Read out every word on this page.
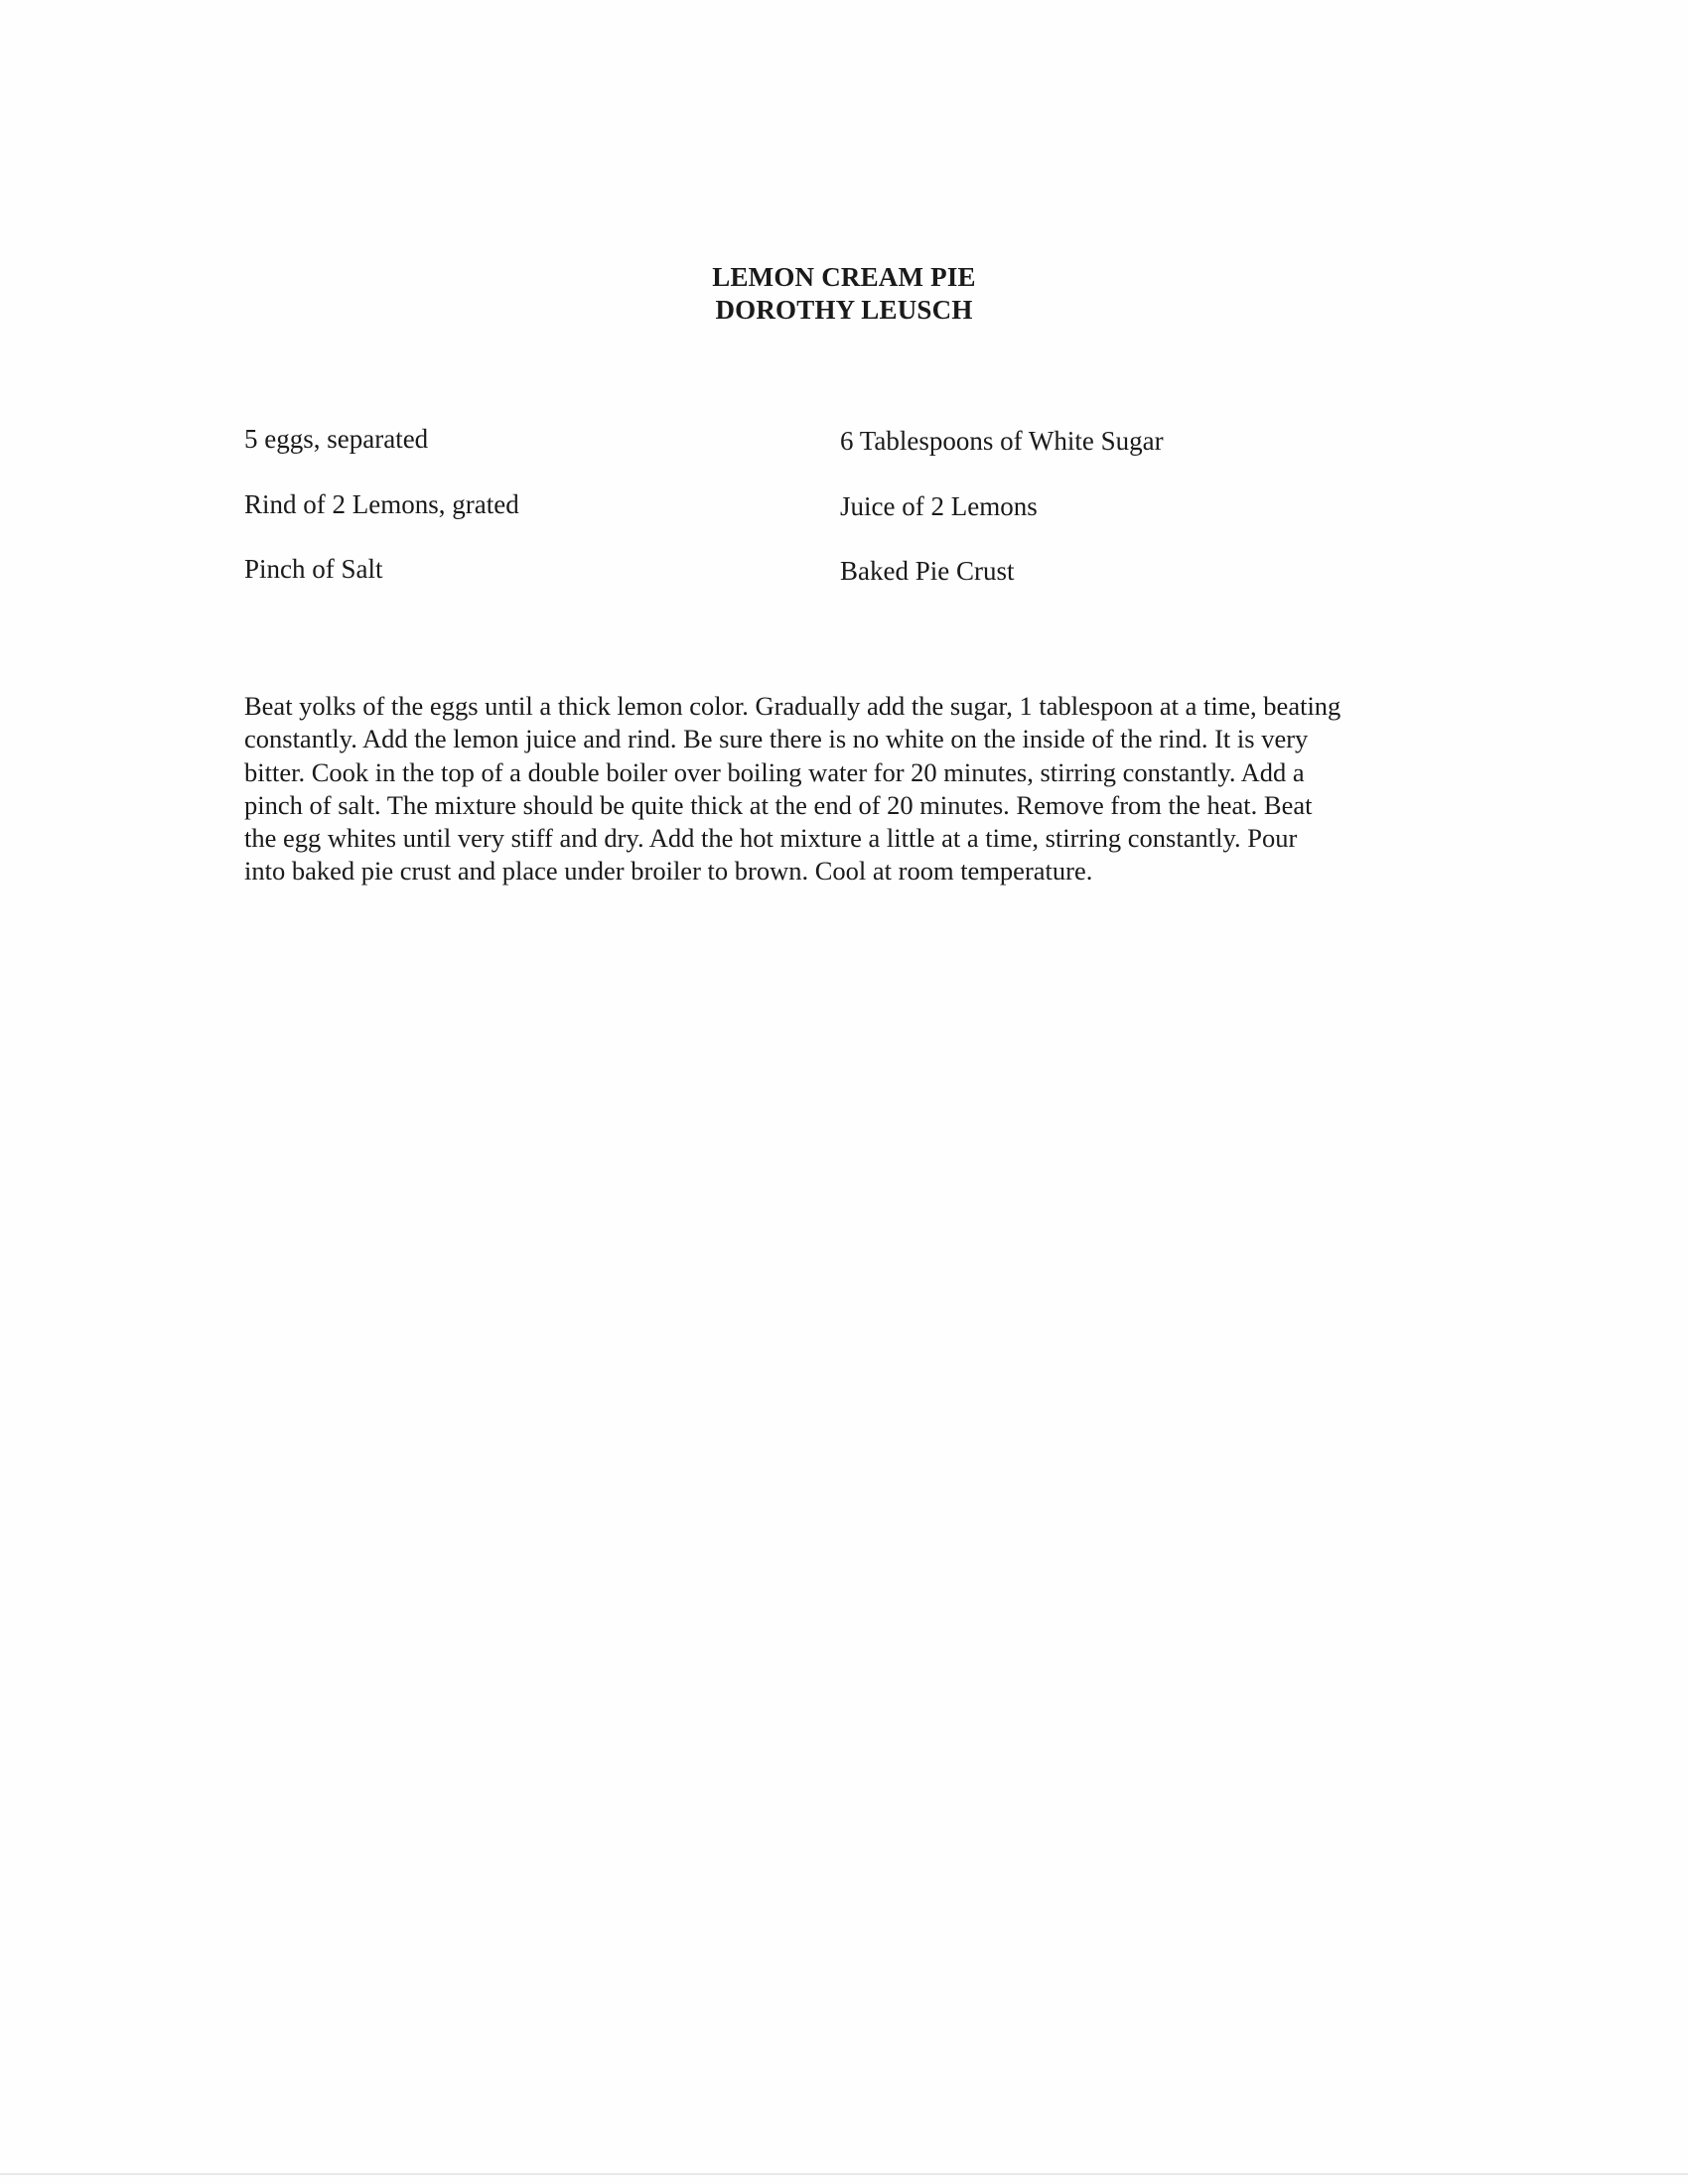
LEMON CREAM PIE
DOROTHY LEUSCH
5 eggs, separated
Rind of 2 Lemons, grated
Pinch of Salt
6 Tablespoons of White Sugar
Juice of 2 Lemons
Baked Pie Crust
Beat yolks of the eggs until a thick lemon color. Gradually add the sugar, 1 tablespoon at a time, beating
constantly. Add the lemon juice and rind. Be sure there is no white on the inside of the rind. It is very
bitter. Cook in the top of a double boiler over boiling water for 20 minutes, stirring constantly. Add a
pinch of salt. The mixture should be quite thick at the end of 20 minutes. Remove from the heat. Beat
the egg whites until very stiff and dry. Add the hot mixture a little at a time, stirring constantly. Pour
into baked pie crust and place under broiler to brown. Cool at room temperature.
